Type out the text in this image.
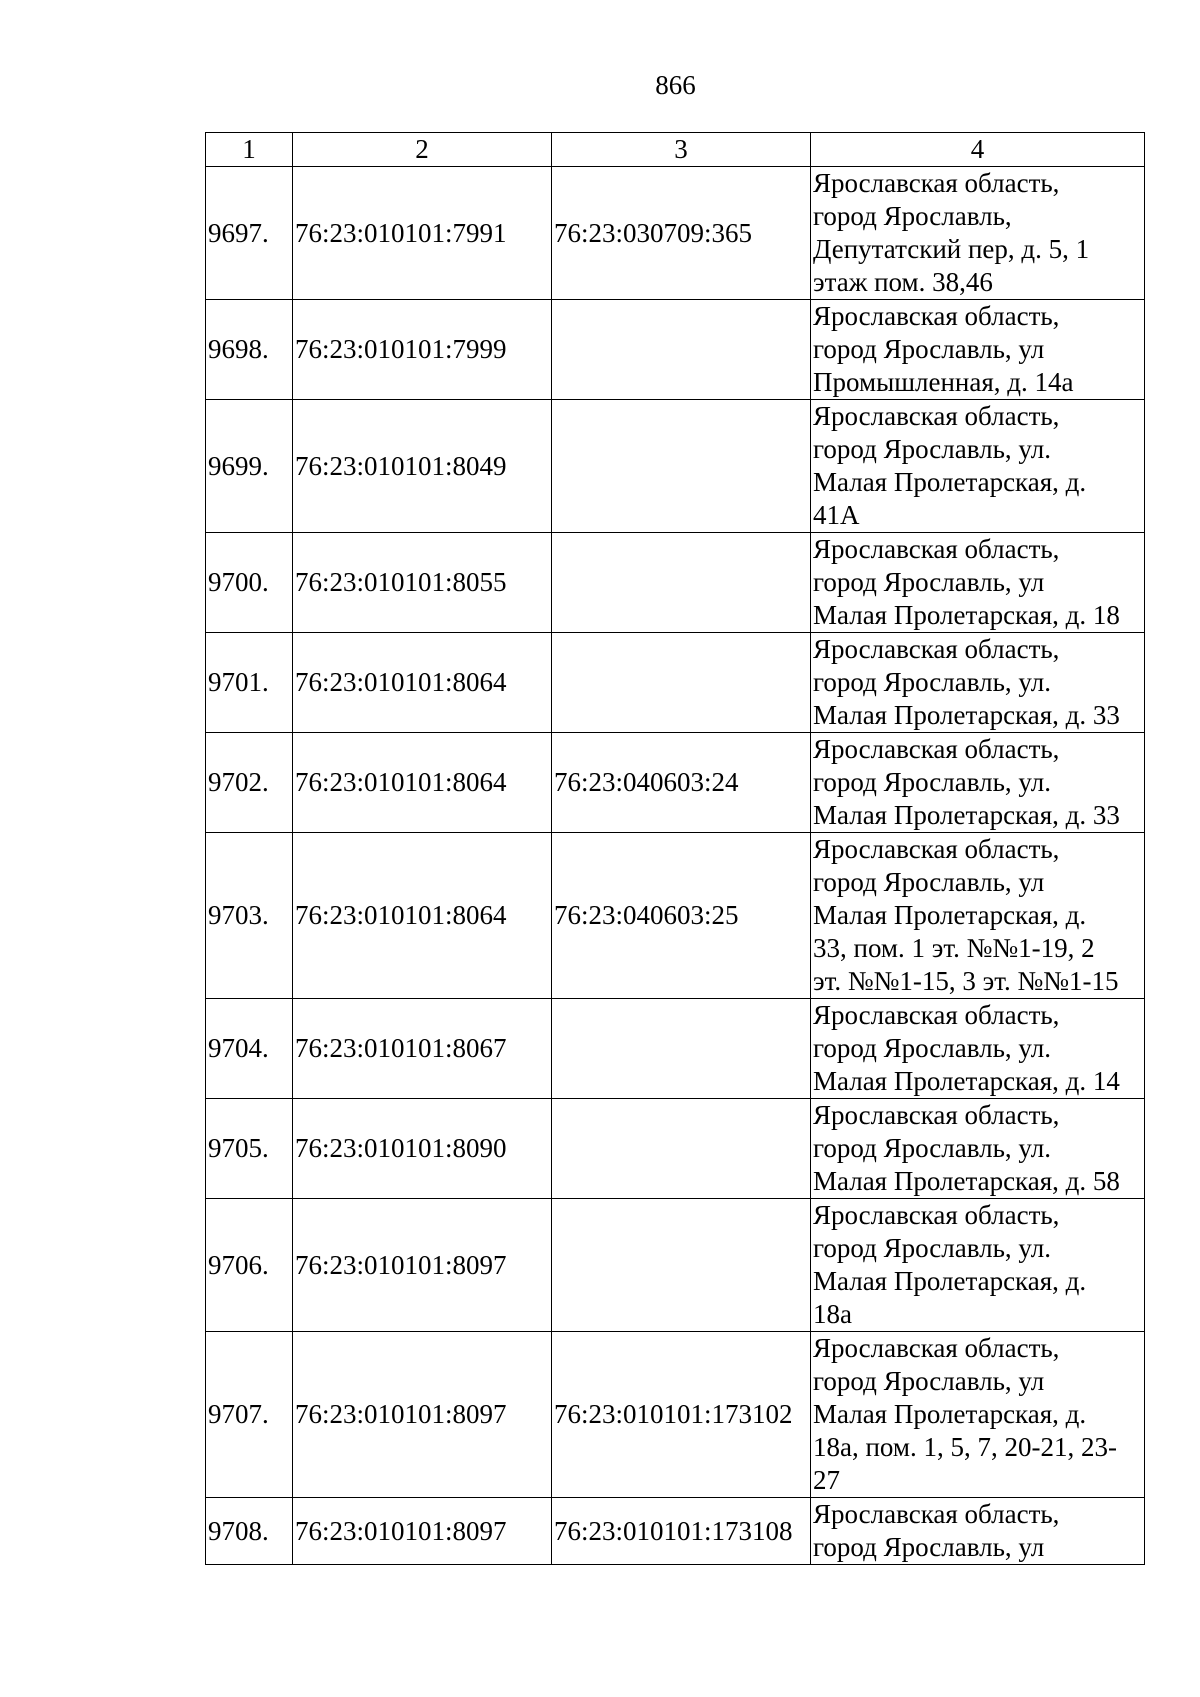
866
1	2	3	4
9697.	76:23:010101:7991	76:23:030709:365	Ярославская область,
город Ярославль,
Депутатский пер, д. 5, 1
этаж пом. 38,46
9698.	76:23:010101:7999		Ярославская область,
город Ярославль, ул
Промышленная, д. 14а
9699.	76:23:010101:8049		Ярославская область,
город Ярославль, ул.
Малая Пролетарская, д.
41А
9700.	76:23:010101:8055		Ярославская область,
город Ярославль, ул
Малая Пролетарская, д. 18
9701.	76:23:010101:8064		Ярославская область,
город Ярославль, ул.
Малая Пролетарская, д. 33
9702.	76:23:010101:8064	76:23:040603:24	Ярославская область,
город Ярославль, ул.
Малая Пролетарская, д. 33
9703.	76:23:010101:8064	76:23:040603:25	Ярославская область,
город Ярославль, ул
Малая Пролетарская, д.
33, пом. 1 эт. №№1-19, 2
эт. №№1-15, 3 эт. №№1-15
9704.	76:23:010101:8067		Ярославская область,
город Ярославль, ул.
Малая Пролетарская, д. 14
9705.	76:23:010101:8090		Ярославская область,
город Ярославль, ул.
Малая Пролетарская, д. 58
9706.	76:23:010101:8097		Ярославская область,
город Ярославль, ул.
Малая Пролетарская, д.
18а
9707.	76:23:010101:8097	76:23:010101:173102	Ярославская область,
город Ярославль, ул
Малая Пролетарская, д.
18а, пом. 1, 5, 7, 20-21, 23-
27
9708.	76:23:010101:8097	76:23:010101:173108	Ярославская область,
город Ярославль, ул
